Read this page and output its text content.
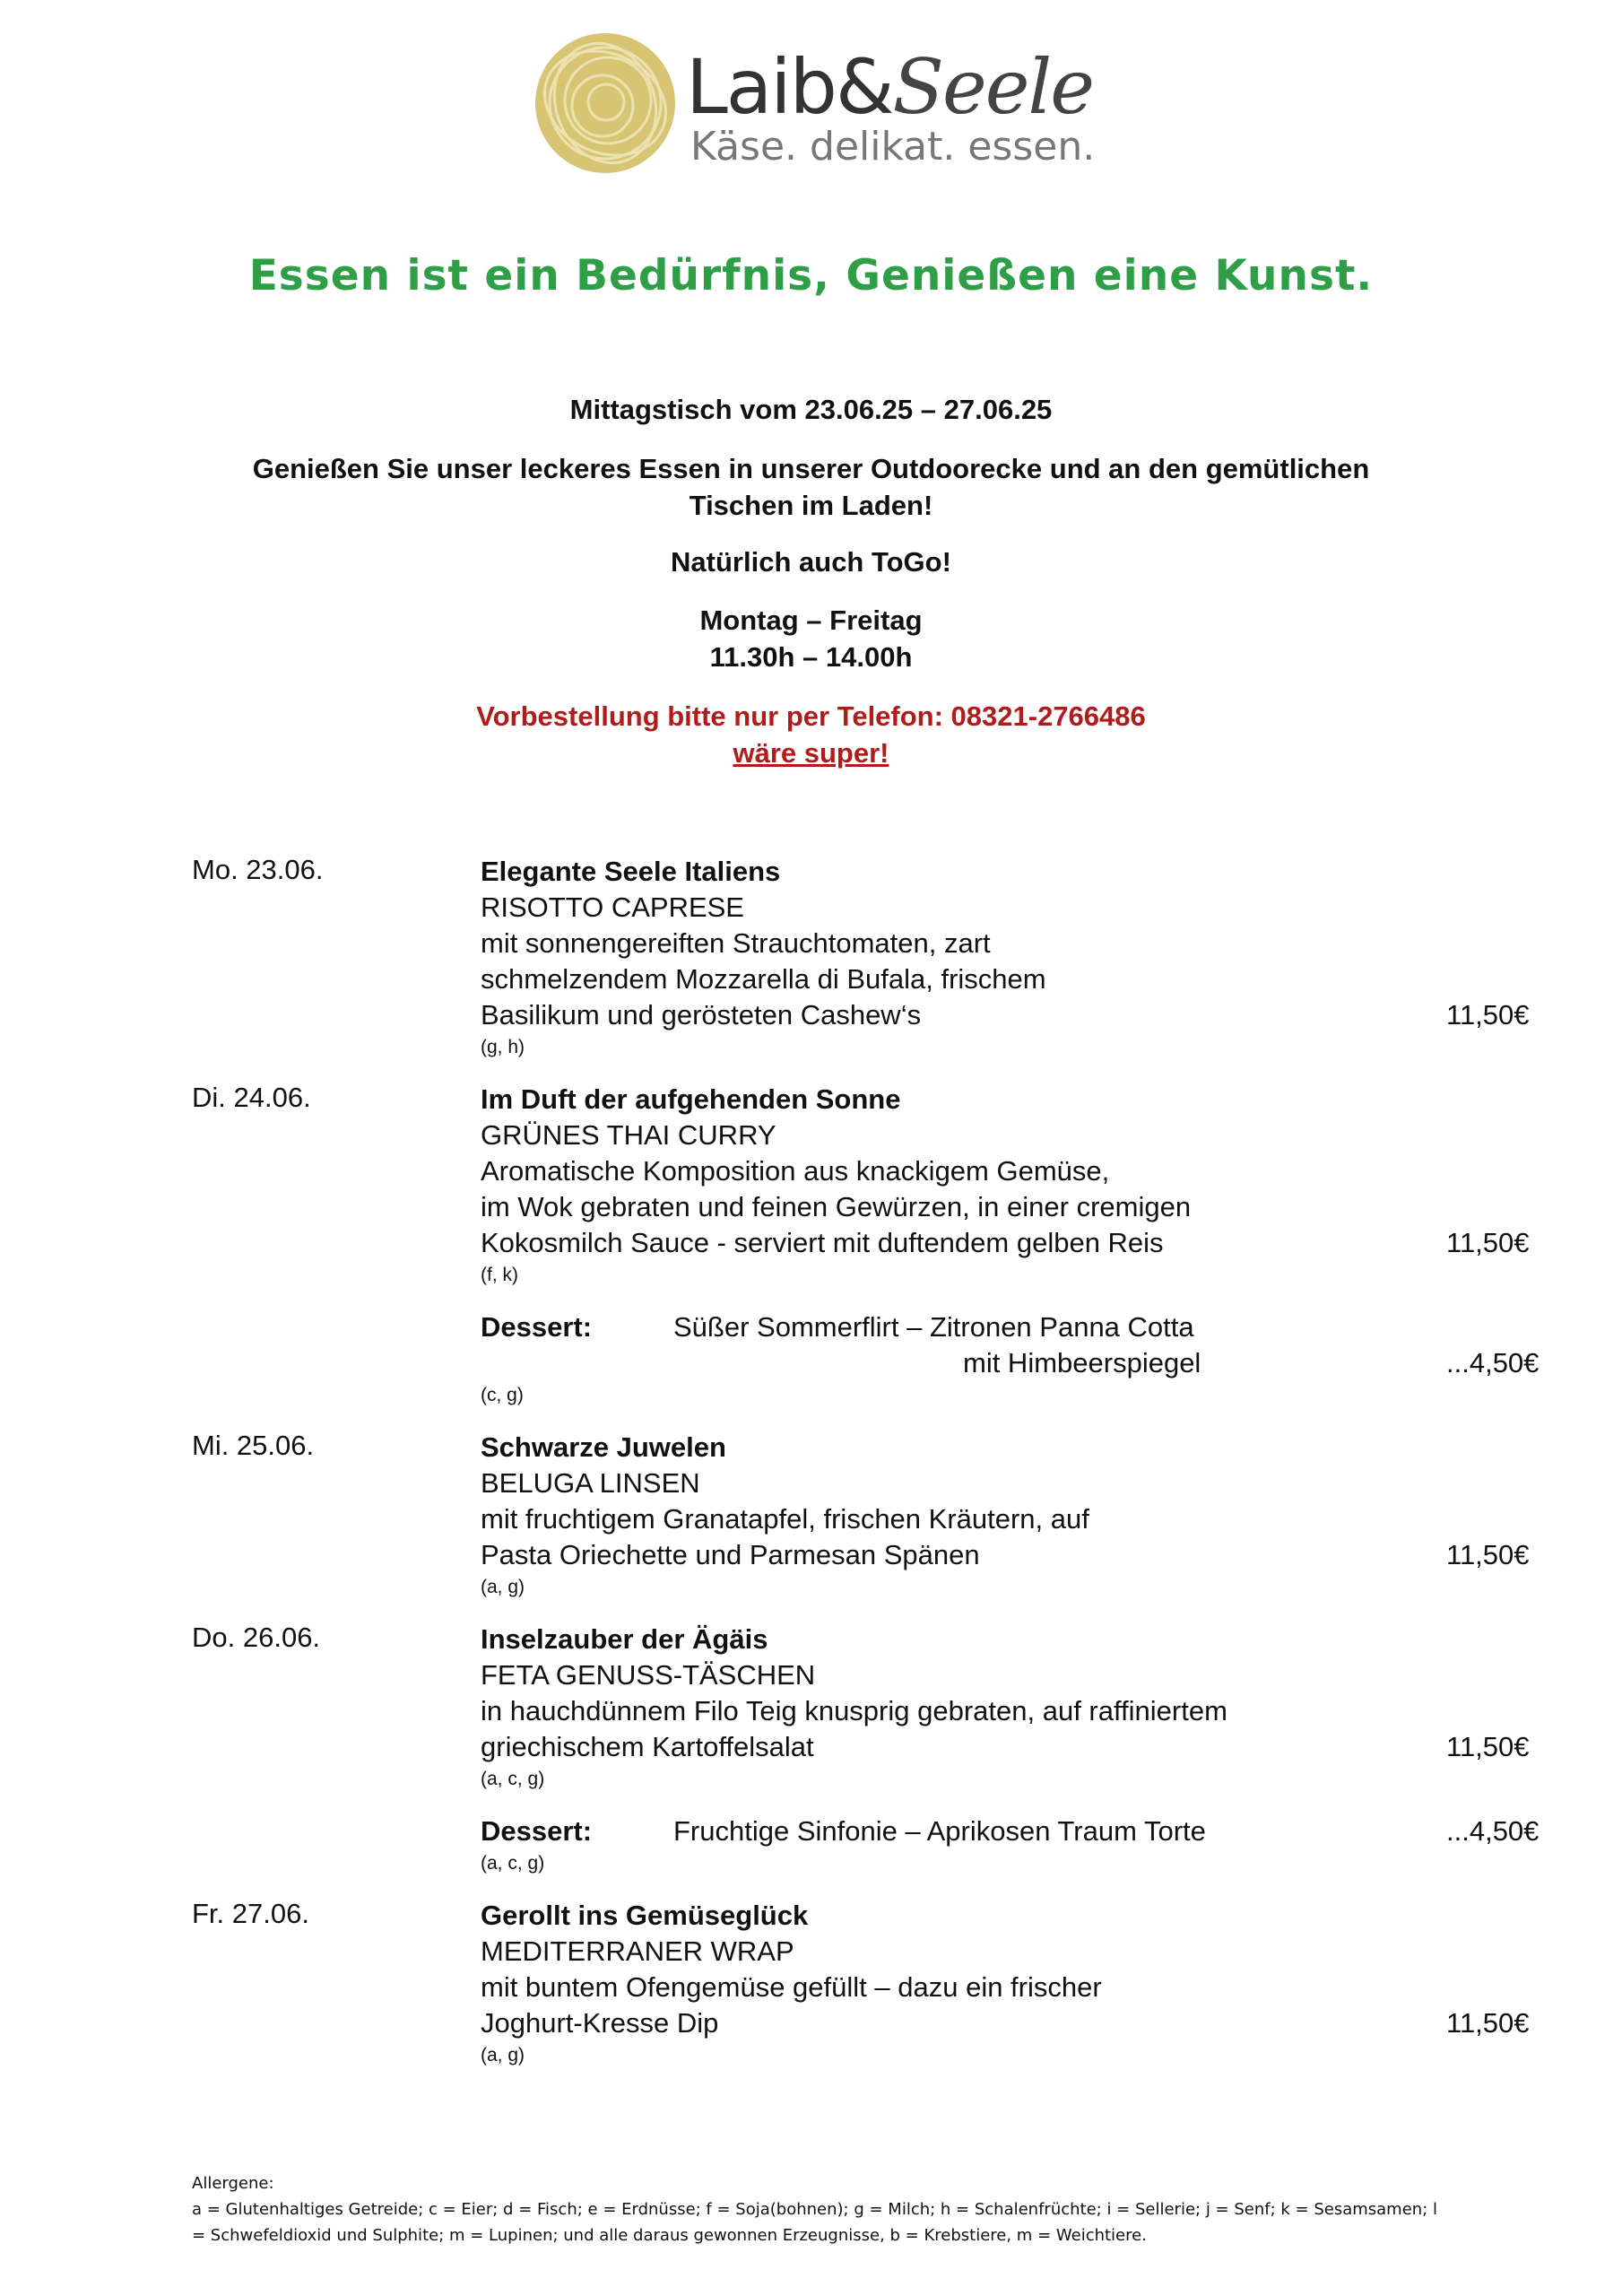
Laib&Seele
Käse. delikat. essen.
Essen ist ein Bedürfnis, Genießen eine Kunst.
Mittagstisch vom 23.06.25 – 27.06.25
Genießen Sie unser leckeres Essen in unserer Outdoorecke und an den gemütlichen
Tischen im Laden!
Natürlich auch ToGo!
Montag – Freitag
11.30h – 14.00h
Vorbestellung bitte nur per Telefon: 08321-2766486
wäre super!
Mo. 23.06.	Elegante Seele Italiens
RISOTTO CAPRESE
mit sonnengereiften Strauchtomaten, zart
schmelzendem Mozzarella di Bufala, frischem
Basilikum und gerösteten Cashew‘s	11,50€
(g, h)
Di. 24.06.	Im Duft der aufgehenden Sonne
GRÜNES THAI CURRY
Aromatische Komposition aus knackigem Gemüse,
im Wok gebraten und feinen Gewürzen, in einer cremigen
Kokosmilch Sauce - serviert mit duftendem gelben Reis	11,50€
(f, k)
Dessert:	Süßer Sommerflirt – Zitronen Panna Cotta
mit Himbeerspiegel	...4,50€
(c, g)
Mi. 25.06.	Schwarze Juwelen
BELUGA LINSEN
mit fruchtigem Granatapfel, frischen Kräutern, auf
Pasta Oriechette und Parmesan Spänen	11,50€
(a, g)
Do. 26.06.	Inselzauber der Ägäis
FETA GENUSS-TÄSCHEN
in hauchdünnem Filo Teig knusprig gebraten, auf raffiniertem
griechischem Kartoffelsalat	11,50€
(a, c, g)
Dessert:	Fruchtige Sinfonie – Aprikosen Traum Torte	...4,50€
(a, c, g)
Fr. 27.06.	Gerollt ins Gemüseglück
MEDITERRANER WRAP
mit buntem Ofengemüse gefüllt – dazu ein frischer
Joghurt-Kresse Dip	11,50€
(a, g)
Allergene:
a = Glutenhaltiges Getreide; c = Eier; d = Fisch; e = Erdnüsse; f = Soja(bohnen); g = Milch; h = Schalenfrüchte; i = Sellerie; j = Senf; k = Sesamsamen; l
= Schwefeldioxid und Sulphite; m = Lupinen; und alle daraus gewonnen Erzeugnisse, b = Krebstiere, m = Weichtiere.
